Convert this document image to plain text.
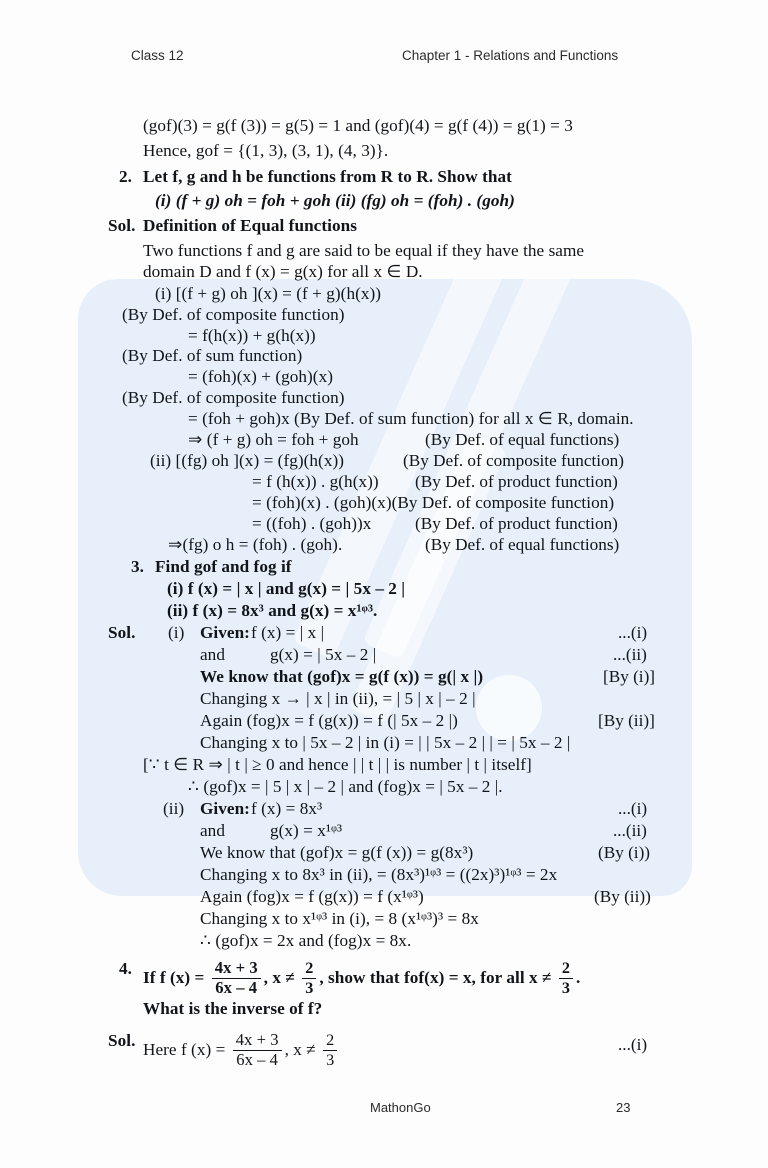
Class 12	Chapter 1 - Relations and Functions
(gof)(3) = g(f (3)) = g(5) = 1 and (gof)(4) = g(f (4)) = g(1) = 3
Hence, gof = {(1, 3), (3, 1), (4, 3)}.
2. Let f, g and h be functions from R to R. Show that
(i) (f + g) oh = foh + goh (ii) (fg) oh = (foh) . (goh)
Sol. Definition of Equal functions
Two functions f and g are said to be equal if they have the same
domain D and f (x) = g(x) for all x ∈ D.
(i) [(f + g) oh ](x) = (f + g)(h(x))
(By Def. of composite function)
= f(h(x)) + g(h(x))
(By Def. of sum function)
= (foh)(x) + (goh)(x)
(By Def. of composite function)
= (foh + goh)x (By Def. of sum function) for all x ∈ R, domain.
⇒ (f + g) oh = foh + goh	(By Def. of equal functions)
(ii) [(fg) oh ](x) = (fg)(h(x))	(By Def. of composite function)
= f (h(x)) . g(h(x)) (By Def. of product function)
= (foh)(x) . (goh)(x)(By Def. of composite function)
= ((foh) . (goh))x	(By Def. of product function)
⇒(fg) o h = (foh) . (goh).	(By Def. of equal functions)
3. Find gof and fog if
(i) f (x) = | x | and g(x) = | 5x – 2 |
(ii) f (x) = 8x³ and g(x) = x¹ᵠ³.
Sol. (i) Given: f (x) = | x |	...(i)
and	g(x) = | 5x – 2 |	...(ii)
We know that (gof)x = g(f (x)) = g(| x |)	[By (i)]
Changing x → | x | in (ii), = | 5 | x | – 2 |
Again (fog)x = f (g(x)) = f (| 5x – 2 |)	[By (ii)]
Changing x to | 5x – 2 | in (i) = | | 5x – 2 | | = | 5x – 2 |
[∵ t ∈ R ⇒ | t | ≥ 0 and hence | | t | | is number | t | itself]
∴ (gof)x = | 5 | x | – 2 | and (fog)x = | 5x – 2 |.
(ii) Given: f (x) = 8x³	...(i)
and	g(x) = x¹ᵠ³	...(ii)
We know that (gof)x = g(f (x)) = g(8x³)	(By (i))
Changing x to 8x³ in (ii), = (8x³)¹ᵠ³ = ((2x)³)¹ᵠ³ = 2x
Again (fog)x = f (g(x)) = f (x¹ᵠ³)	(By (ii))
Changing x to x¹ᵠ³ in (i), = 8 (x¹ᵠ³)³ = 8x
∴ (gof)x = 2x and (fog)x = 8x.
4. If f $(x) = \frac{4x + 3}{6x - 4}$ , $x \ne \frac{2}{3}$ , show that fof(x) = x, for all $x \ne \frac{2}{3}$ .
What is the inverse of f?
Sol. Here f $(x) = \frac{4x + 3}{6x - 4}$ , $x \ne \frac{2}{3}$	...(i)
MathonGo	23
